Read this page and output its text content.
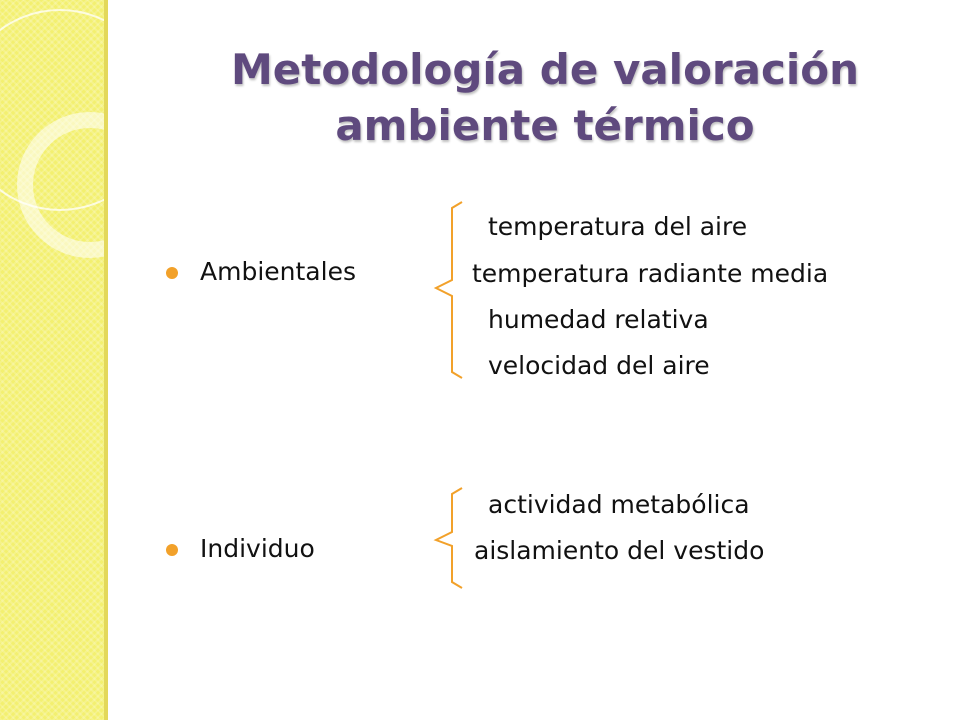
Metodología de valoración
ambiente térmico
Ambientales
temperatura del aire
temperatura radiante media
humedad relativa
velocidad del aire
Individuo
actividad metabólica
aislamiento del vestido
